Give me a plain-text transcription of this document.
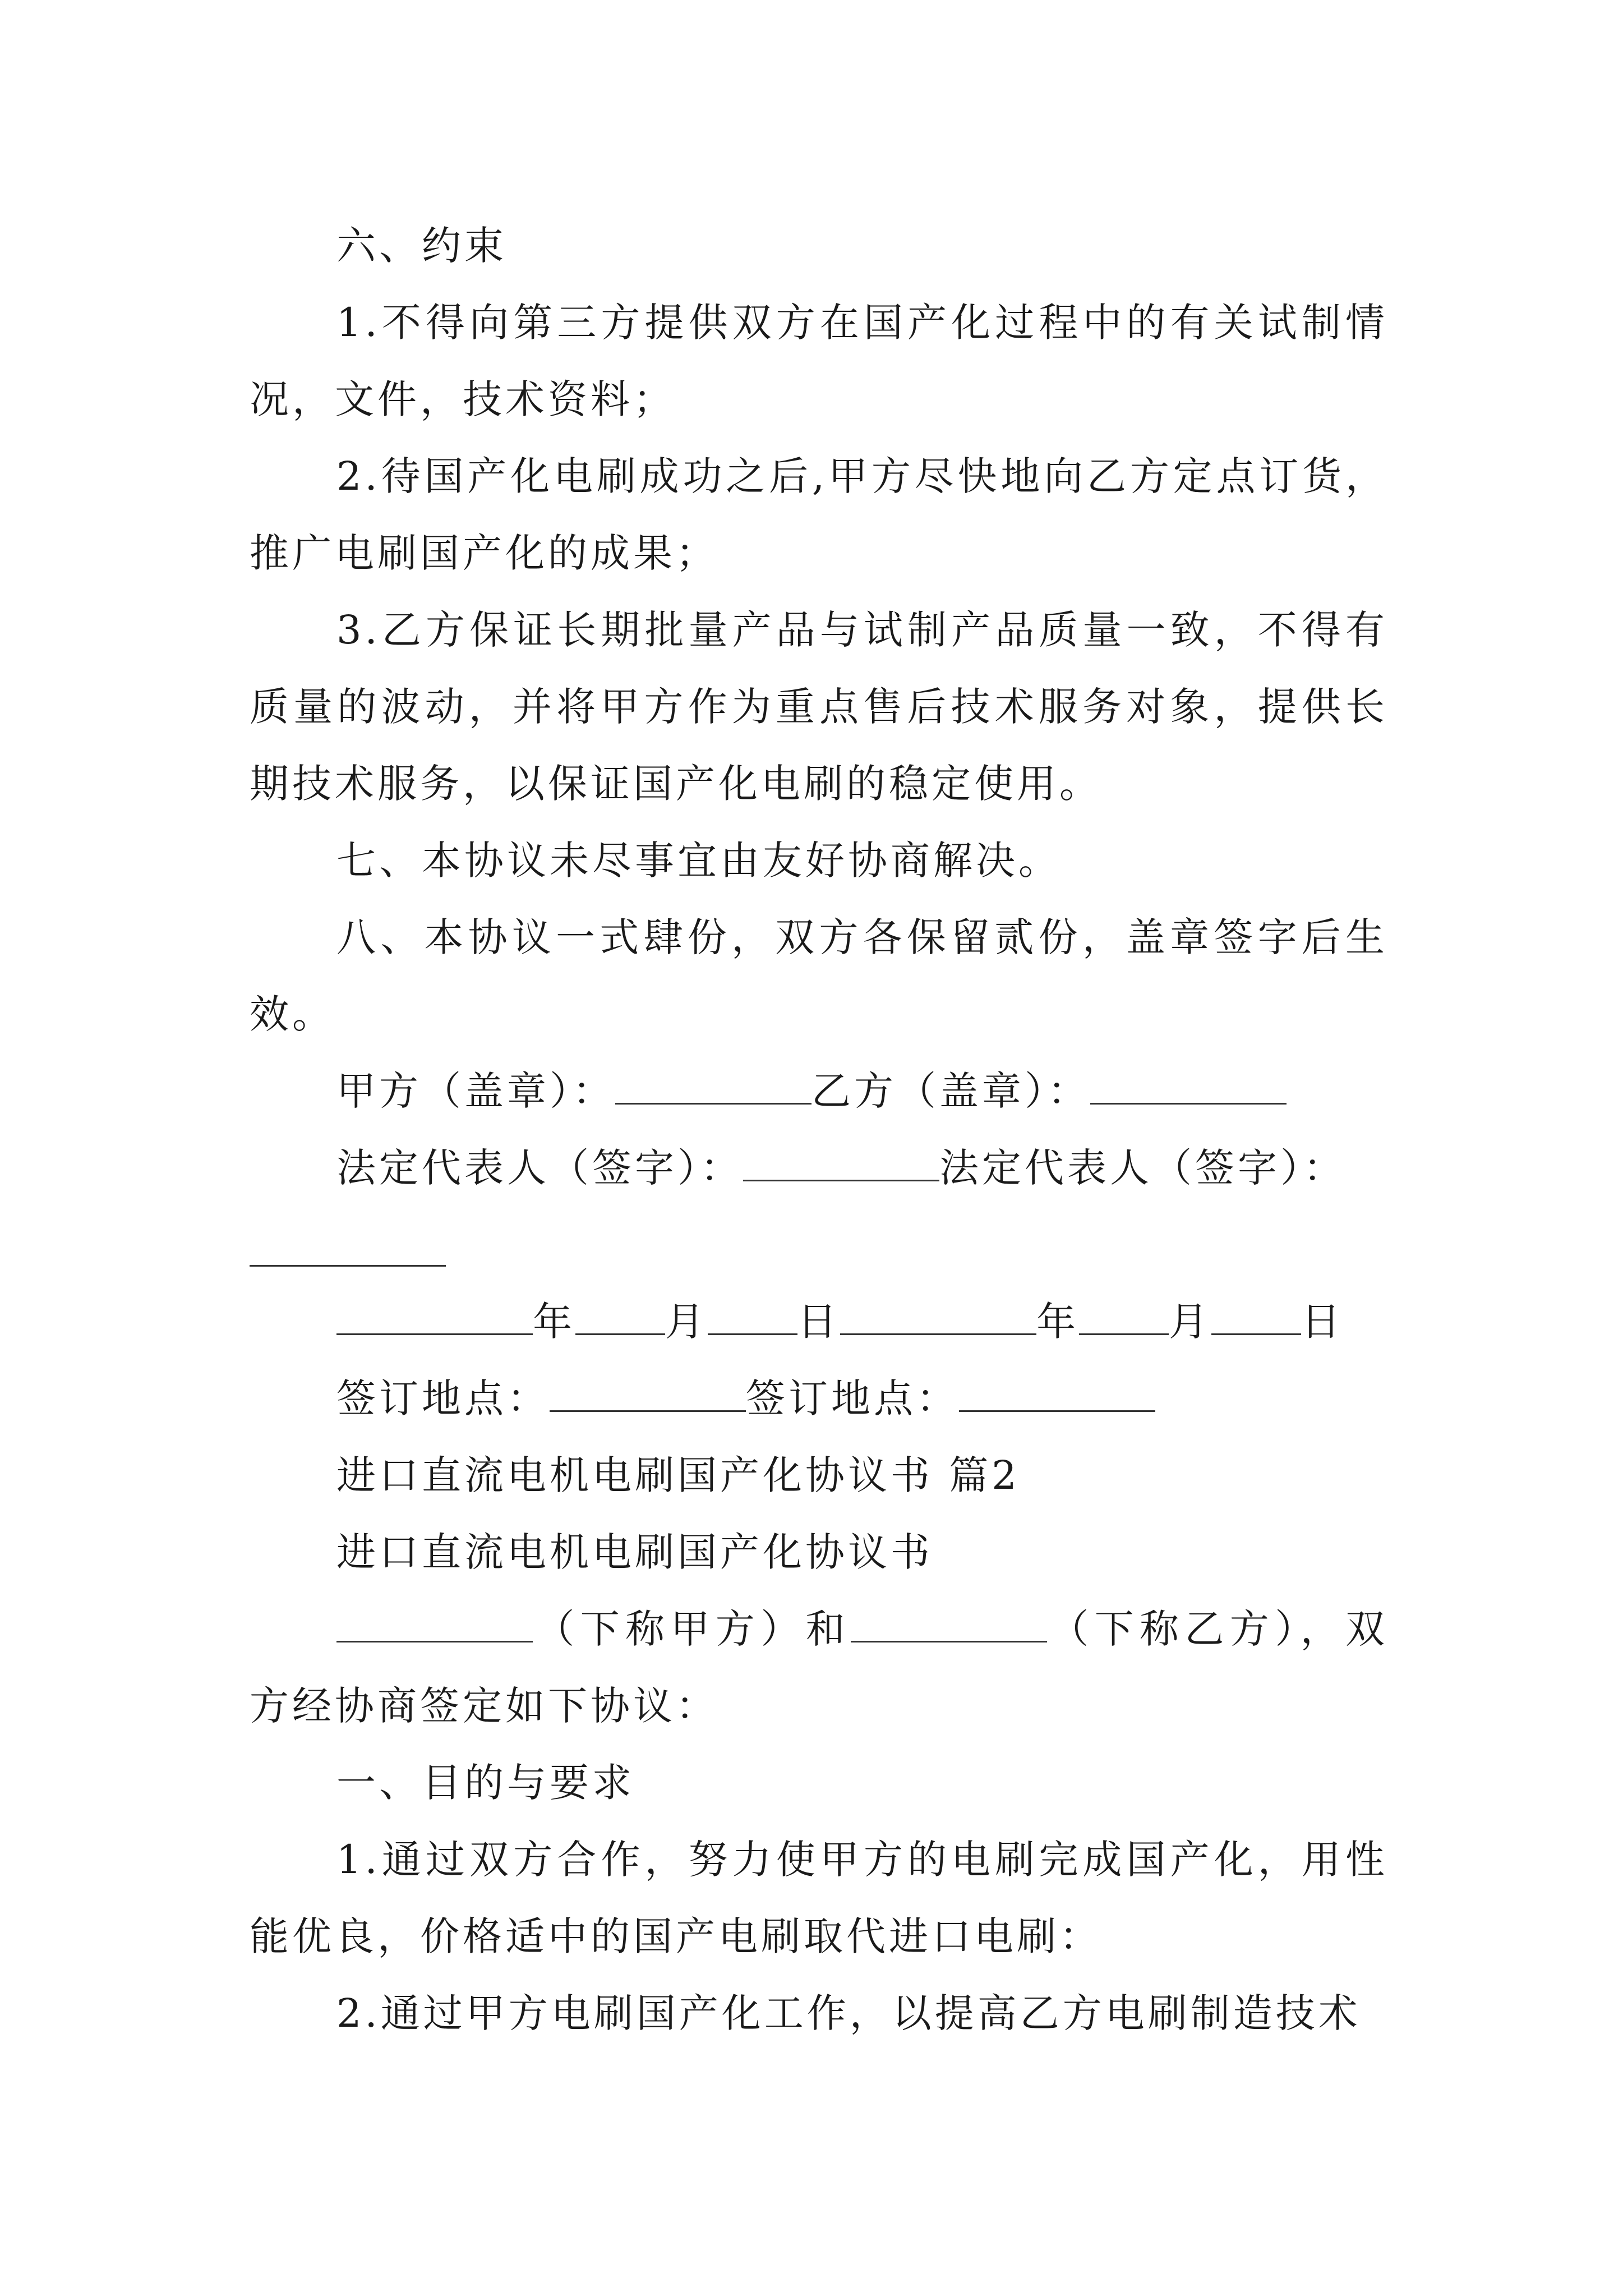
六、约束

1.不得向第三方提供双方在国产化过程中的有关试制情况，文件，技术资料；

2.待国产化电刷成功之后,甲方尽快地向乙方定点订货，推广电刷国产化的成果；

3.乙方保证长期批量产品与试制产品质量一致，不得有质量的波动，并将甲方作为重点售后技术服务对象，提供长期技术服务，以保证国产化电刷的稳定使用。

七、本协议未尽事宜由友好协商解决。

八、本协议一式肆份，双方各保留贰份，盖章签字后生效。

甲方（盖章）：	乙方（盖章）：

法定代表人（签字）：	法定代表人（签字）：

年 月 日	年 月 日

签订地点：	签订地点：

进口直流电机电刷国产化协议书 篇2

进口直流电机电刷国产化协议书

（下称甲方）和	（下称乙方），双方经协商签定如下协议：

一、目的与要求

1.通过双方合作，努力使甲方的电刷完成国产化，用性能优良，价格适中的国产电刷取代进口电刷：

2.通过甲方电刷国产化工作，以提高乙方电刷制造技术
